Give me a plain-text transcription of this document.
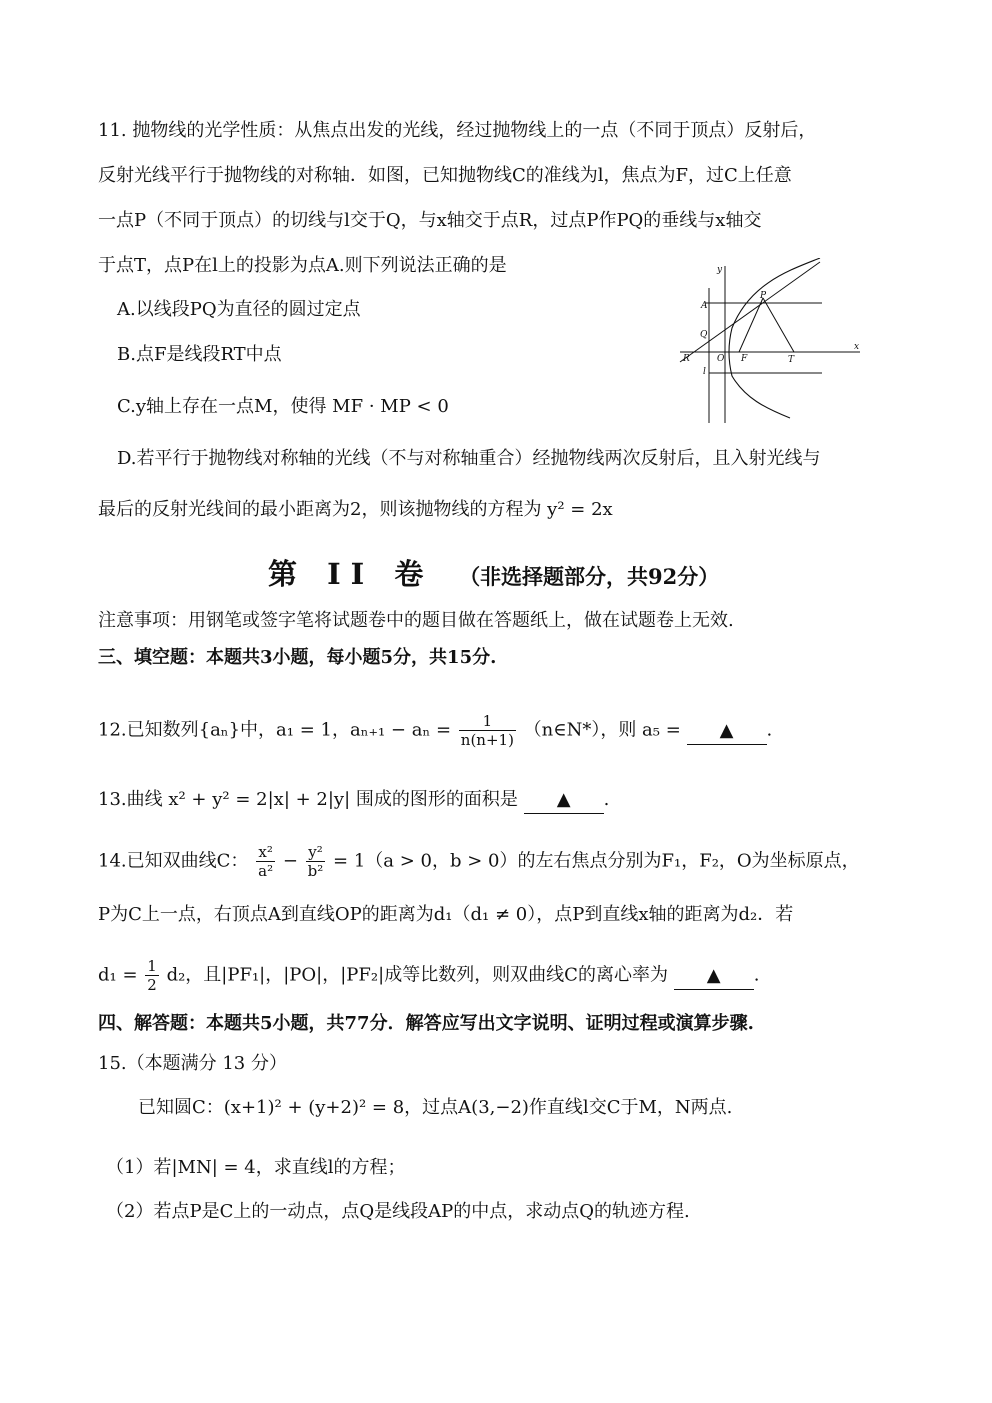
11. 抛物线的光学性质：从焦点出发的光线，经过抛物线上的一点（不同于顶点）反射后，
反射光线平行于抛物线的对称轴．如图，已知抛物线C的准线为l，焦点为F，过C上任意
一点P（不同于顶点）的切线与l交于Q，与x轴交于点R，过点P作PQ的垂线与x轴交
于点T，点P在l上的投影为点A.则下列说法正确的是
A.以线段PQ为直径的圆过定点
B.点F是线段RT中点
C.y轴上存在一点M，使得 MF · MP < 0
D.若平行于抛物线对称轴的光线（不与对称轴重合）经抛物线两次反射后，且入射光线与
最后的反射光线间的最小距离为2，则该抛物线的方程为 y² = 2x
y
x
A
P
Q
R	O F	T
l
第 II 卷 （非选择题部分，共92分）
注意事项：用钢笔或签字笔将试题卷中的题目做在答题纸上，做在试题卷上无效.
三、填空题：本题共3小题，每小题5分，共15分.
12.已知数列{aₙ}中，a₁ = 1，$a_{n+1} - a_n = \frac{1}{n(n+1)}$ （n∈N*），则 a₅ = ▲ .
13.曲线 x² + y² = 2|x| + 2|y| 围成的图形的面积是 ▲ .
14.已知双曲线C： $\frac{\text{x²}}{\text{a²}} - \frac{\text{y²}}{\text{b²}} = 1(a > 0$，b > 0）的左右焦点分别为F₁，F₂，O为坐标原点，
P为C上一点，右顶点A到直线OP的距离为d₁（d₁ ≠ 0），点P到直线x轴的距离为d₂．若
$d_1 = \frac{1}{2} d_2$，且|PF₁|，|PO|，|PF₂|成等比数列，则双曲线C的离心率为 ▲ .
四、解答题：本题共5小题，共77分．解答应写出文字说明、证明过程或演算步骤.
15.（本题满分 13 分）
已知圆C：(x+1)² + (y+2)² = 8，过点A(3,−2)作直线l交C于M，N两点.
（1）若|MN| = 4，求直线l的方程；
（2）若点P是C上的一动点，点Q是线段AP的中点，求动点Q的轨迹方程.
